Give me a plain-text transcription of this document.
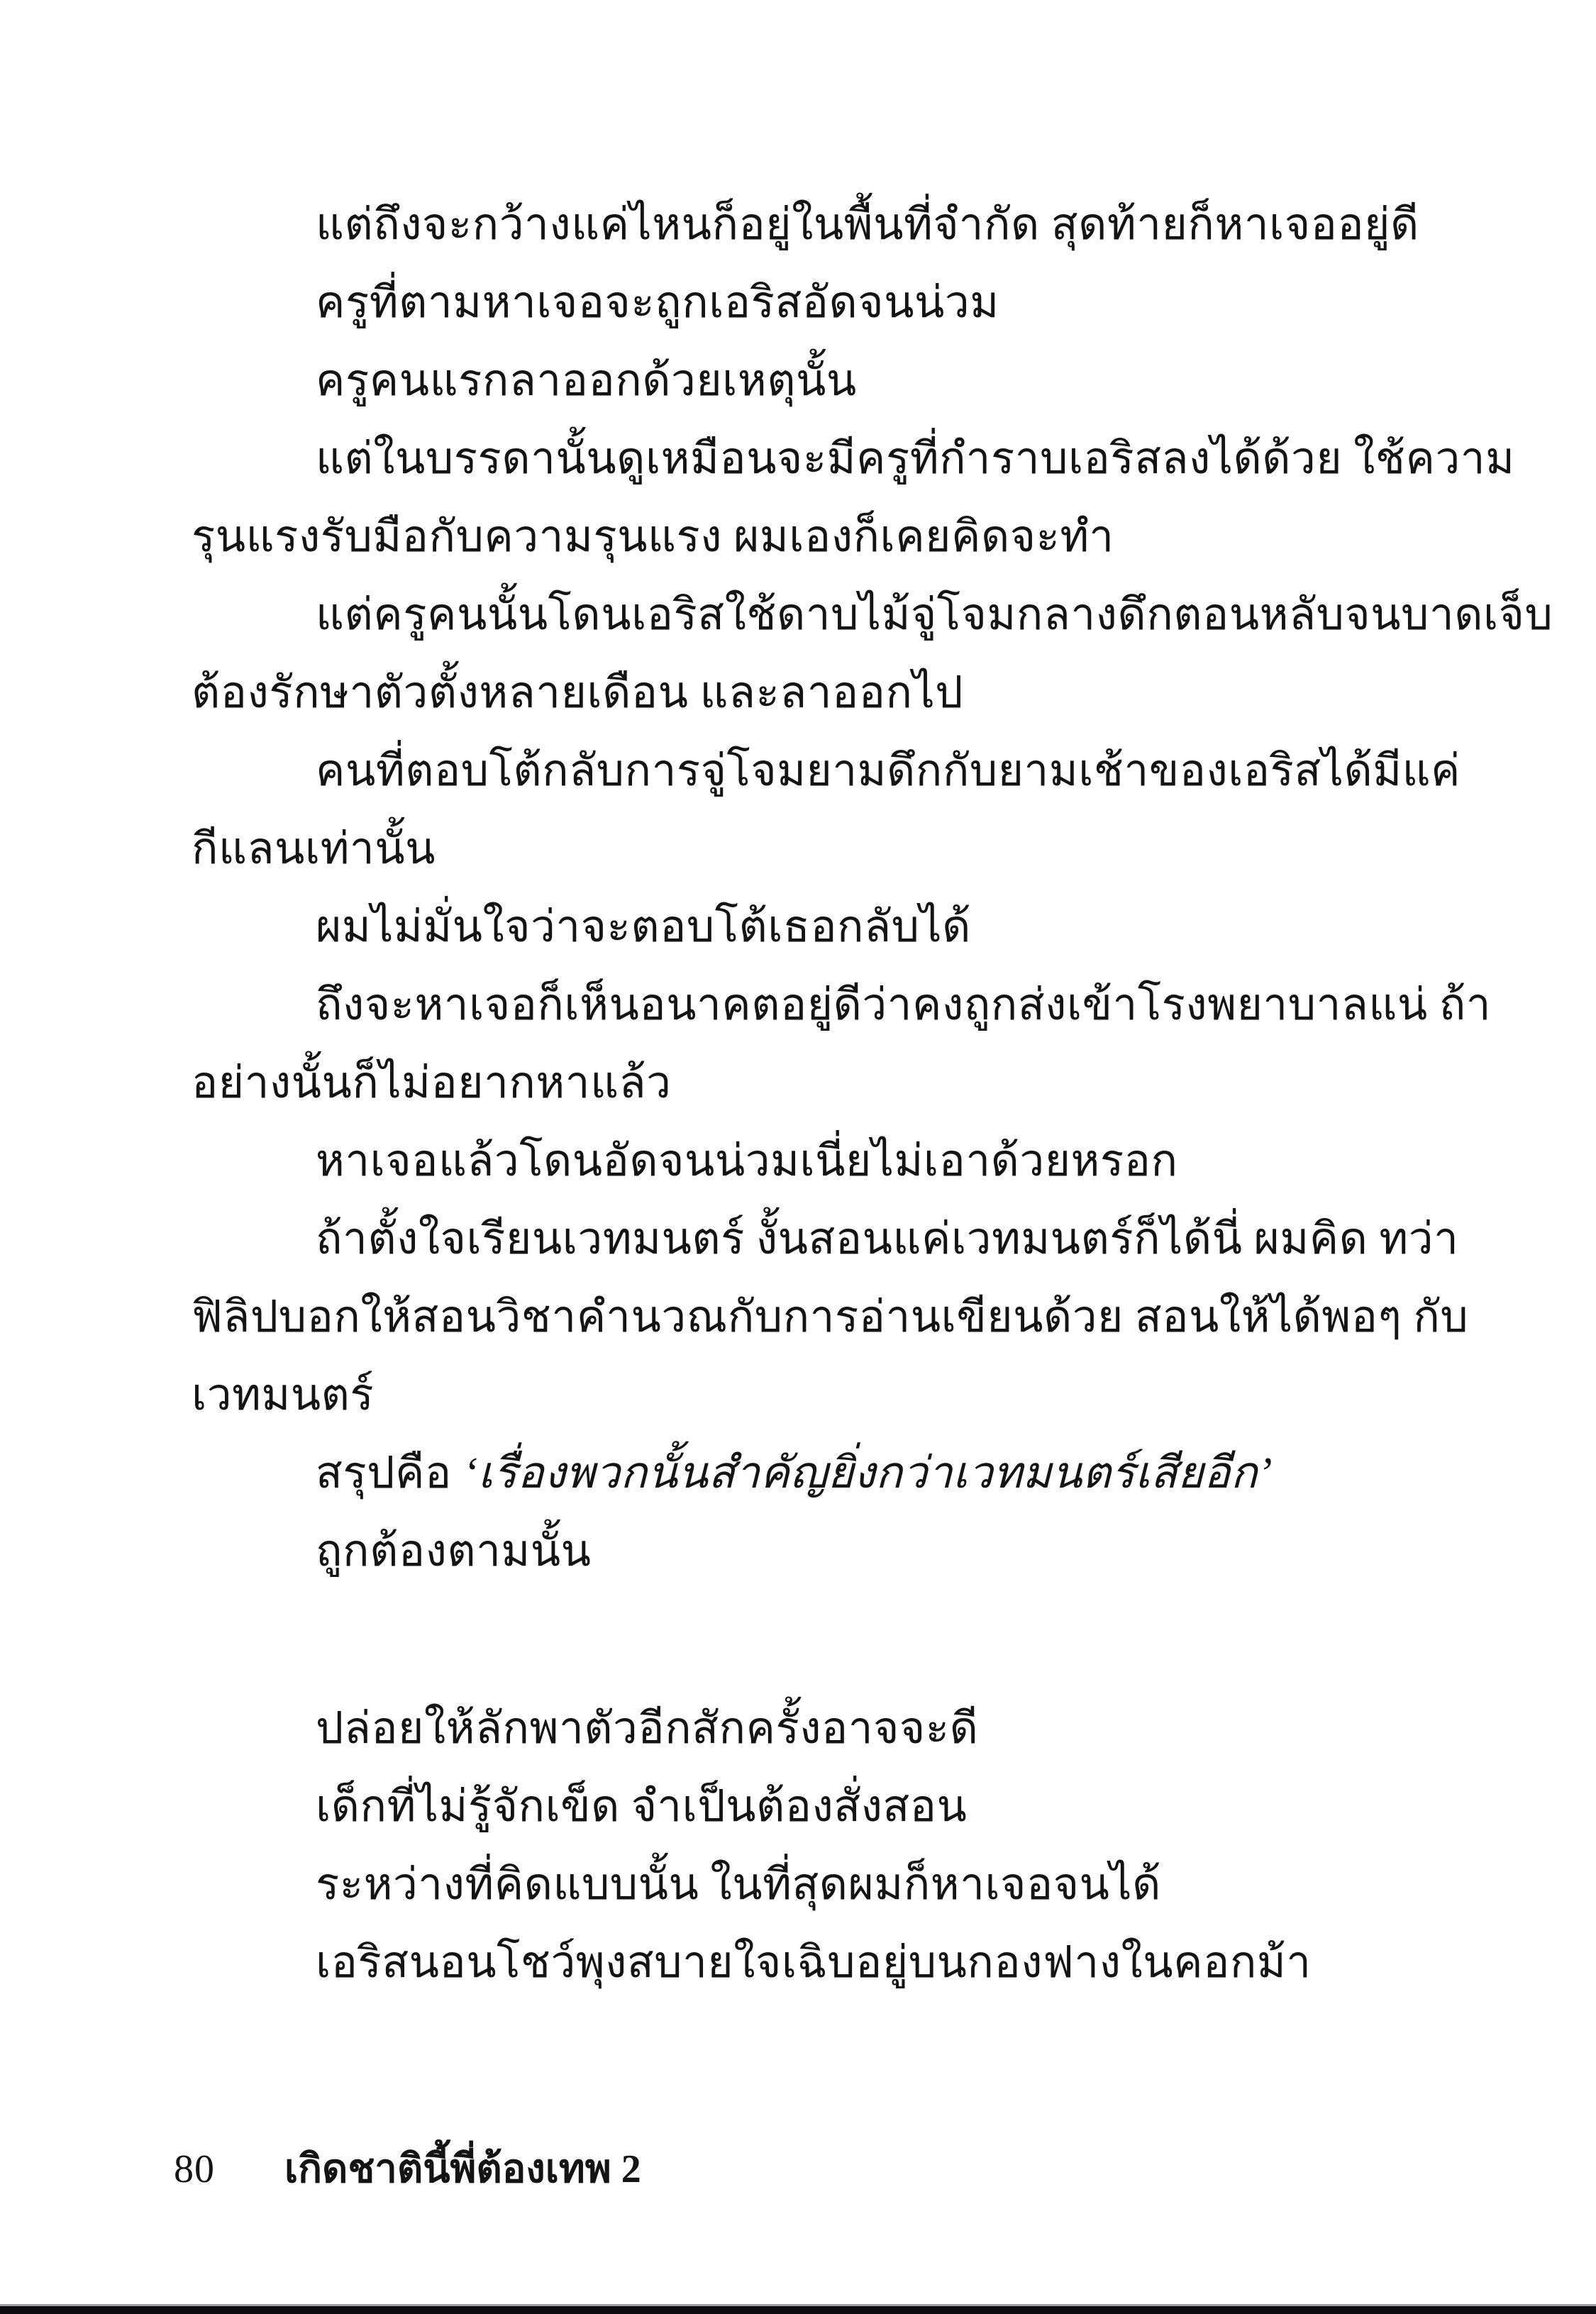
แต่ถึงจะกว้างแค่ไหนก็อยู่ในพื้นที่จำกัด สุดท้ายก็หาเจออยู่ดี
ครูที่ตามหาเจอจะถูกเอริสอัดจนน่วม
ครูคนแรกลาออกด้วยเหตุนั้น
แต่ในบรรดานั้นดูเหมือนจะมีครูที่กำราบเอริสลงได้ด้วย ใช้ความ
รุนแรงรับมือกับความรุนแรง ผมเองก็เคยคิดจะทำ
แต่ครูคนนั้นโดนเอริสใช้ดาบไม้จู่โจมกลางดึกตอนหลับจนบาดเจ็บ
ต้องรักษาตัวตั้งหลายเดือน และลาออกไป
คนที่ตอบโต้กลับการจู่โจมยามดึกกับยามเช้าของเอริสได้มีแค่
กีแลนเท่านั้น
ผมไม่มั่นใจว่าจะตอบโต้เธอกลับได้
ถึงจะหาเจอก็เห็นอนาคตอยู่ดีว่าคงถูกส่งเข้าโรงพยาบาลแน่ ถ้า
อย่างนั้นก็ไม่อยากหาแล้ว
หาเจอแล้วโดนอัดจนน่วมเนี่ยไม่เอาด้วยหรอก
ถ้าตั้งใจเรียนเวทมนตร์ งั้นสอนแค่เวทมนตร์ก็ได้นี่ ผมคิด ทว่า
ฟิลิปบอกให้สอนวิชาคำนวณกับการอ่านเขียนด้วย สอนให้ได้พอๆ กับ
เวทมนตร์
สรุปคือ ‘เรื่องพวกนั้นสำคัญยิ่งกว่าเวทมนตร์เสียอีก’
ถูกต้องตามนั้น
ปล่อยให้ลักพาตัวอีกสักครั้งอาจจะดี
เด็กที่ไม่รู้จักเข็ด จำเป็นต้องสั่งสอน
ระหว่างที่คิดแบบนั้น ในที่สุดผมก็หาเจอจนได้
เอริสนอนโชว์พุงสบายใจเฉิบอยู่บนกองฟางในคอกม้า
80 เกิดชาตินี้พี่ต้องเทพ 2
